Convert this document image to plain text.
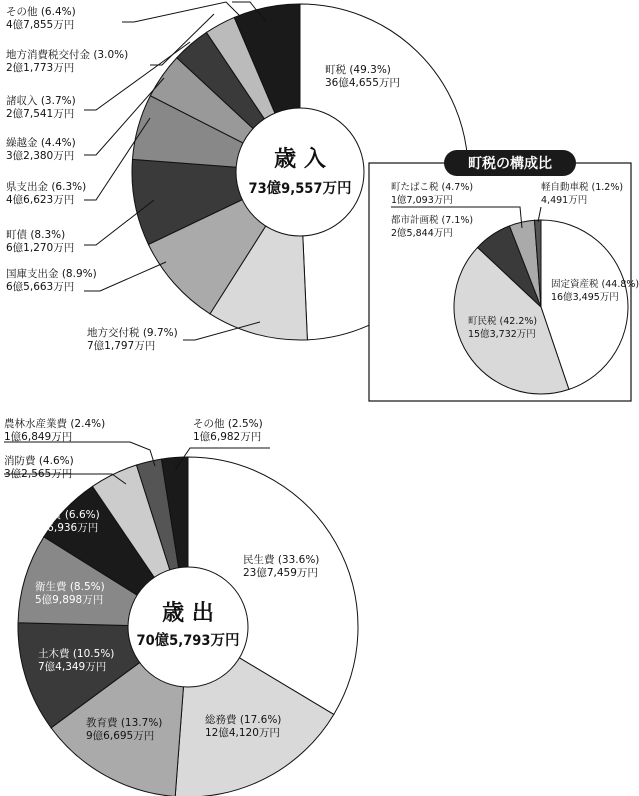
町税 (49.3%)
36億4,655万円
地方交付税 (9.7%)
7億1,797万円
国庫支出金 (8.9%)
6億5,663万円
町債 (8.3%)
6億1,270万円
県支出金 (6.3%)
4億6,623万円
繰越金 (4.4%)
3億2,380万円
諸収入 (3.7%)
2億7,541万円
地方消費税交付金 (3.0%)
2億1,773万円
その他 (6.4%)
4億7,855万円
歳 入
73億9,557万円
固定資産税 (44.8%)
16億3,495万円
町民税 (42.2%)
15億3,732万円
都市計画税 (7.1%)
2億5,844万円
町たばこ税 (4.7%)
1億7,093万円
軽自動車税 (1.2%)
4,491万円
町税の構成比
民生費 (33.6%)
23億7,459万円
総務費 (17.6%)
12億4,120万円
教育費 (13.7%)
9億6,695万円
土木費 (10.5%)
7億4,349万円
衛生費 (8.5%)
5億9,898万円
公債費 (6.6%)
4億6,936万円
消防費 (4.6%)
3億2,565万円
農林水産業費 (2.4%)
1億6,849万円
その他 (2.5%)
1億6,982万円
歳 出
70億5,793万円
